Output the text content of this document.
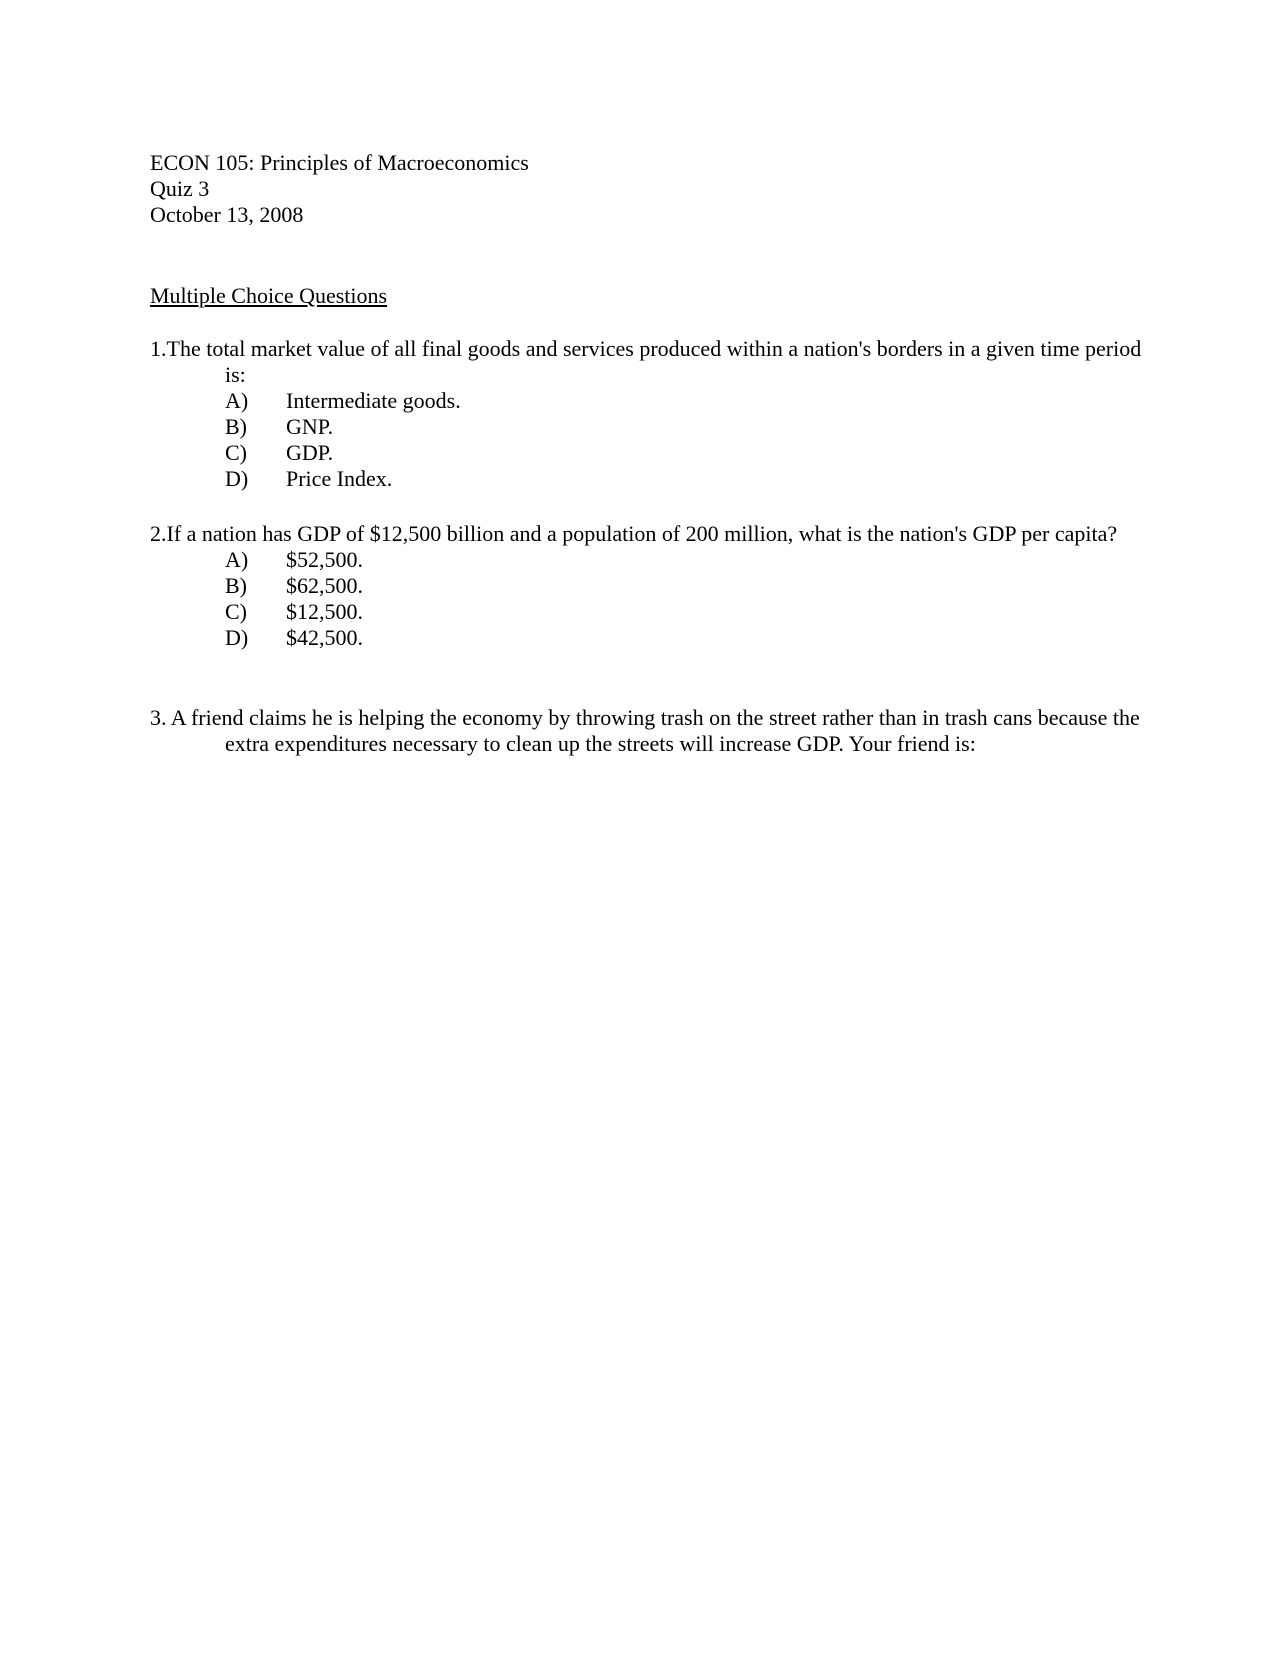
ECON 105: Principles of Macroeconomics
Quiz 3
October 13, 2008
Multiple Choice Questions
1.The total market value of all final goods and services produced within a nation's borders in a given time period is:
A)	Intermediate goods.
B)	GNP.
C)	GDP.
D)	Price Index.
2.If a nation has GDP of $12,500 billion and a population of 200 million, what is the nation's GDP per capita?
A)	$52,500.
B)	$62,500.
C)	$12,500.
D)	$42,500.
3. A friend claims he is helping the economy by throwing trash on the street rather than in trash cans because the extra expenditures necessary to clean up the streets will increase GDP. Your friend is:
